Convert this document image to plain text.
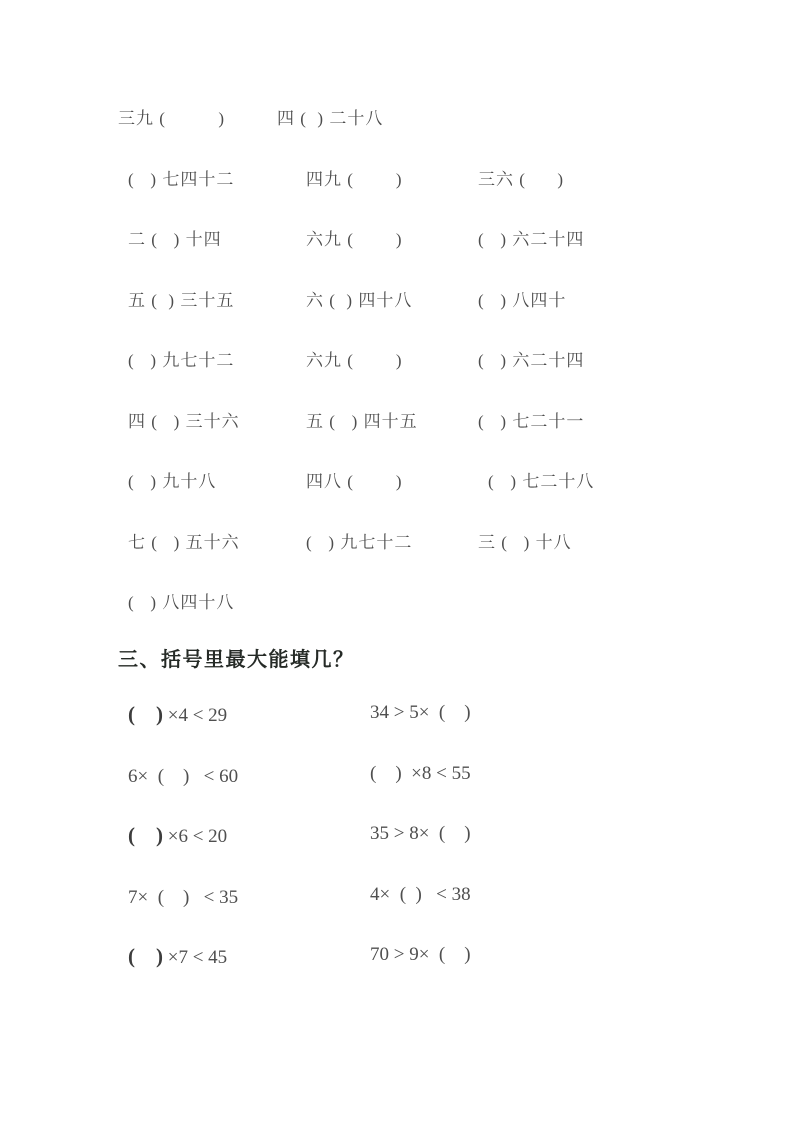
三九 (          )	四 (  ) 二十八
(   ) 七四十二	四九 (        )	三六 (      )
二 (   ) 十四	六九 (        )	(   ) 六二十四
五 (  ) 三十五	六 (  ) 四十八	(   ) 八四十
(   ) 九七十二	六九 (        )	(   ) 六二十四
四 (   ) 三十六	五 (   ) 四十五	(   ) 七二十一
(   ) 九十八	四八 (        )	(   ) 七二十八
七 (   ) 五十六	(   ) 九七十二	三 (   ) 十八
(   ) 八四十八
三、括号里最大能填几？
(    ) ×4 < 29	34 > 5×  (    )
6×  (    )   < 60	(    )  ×8 < 55
(    ) ×6 < 20	35 > 8×  (    )
7×  (    )   < 35	4×  (  )   < 38
(    ) ×7 < 45	70 > 9×  (    )
